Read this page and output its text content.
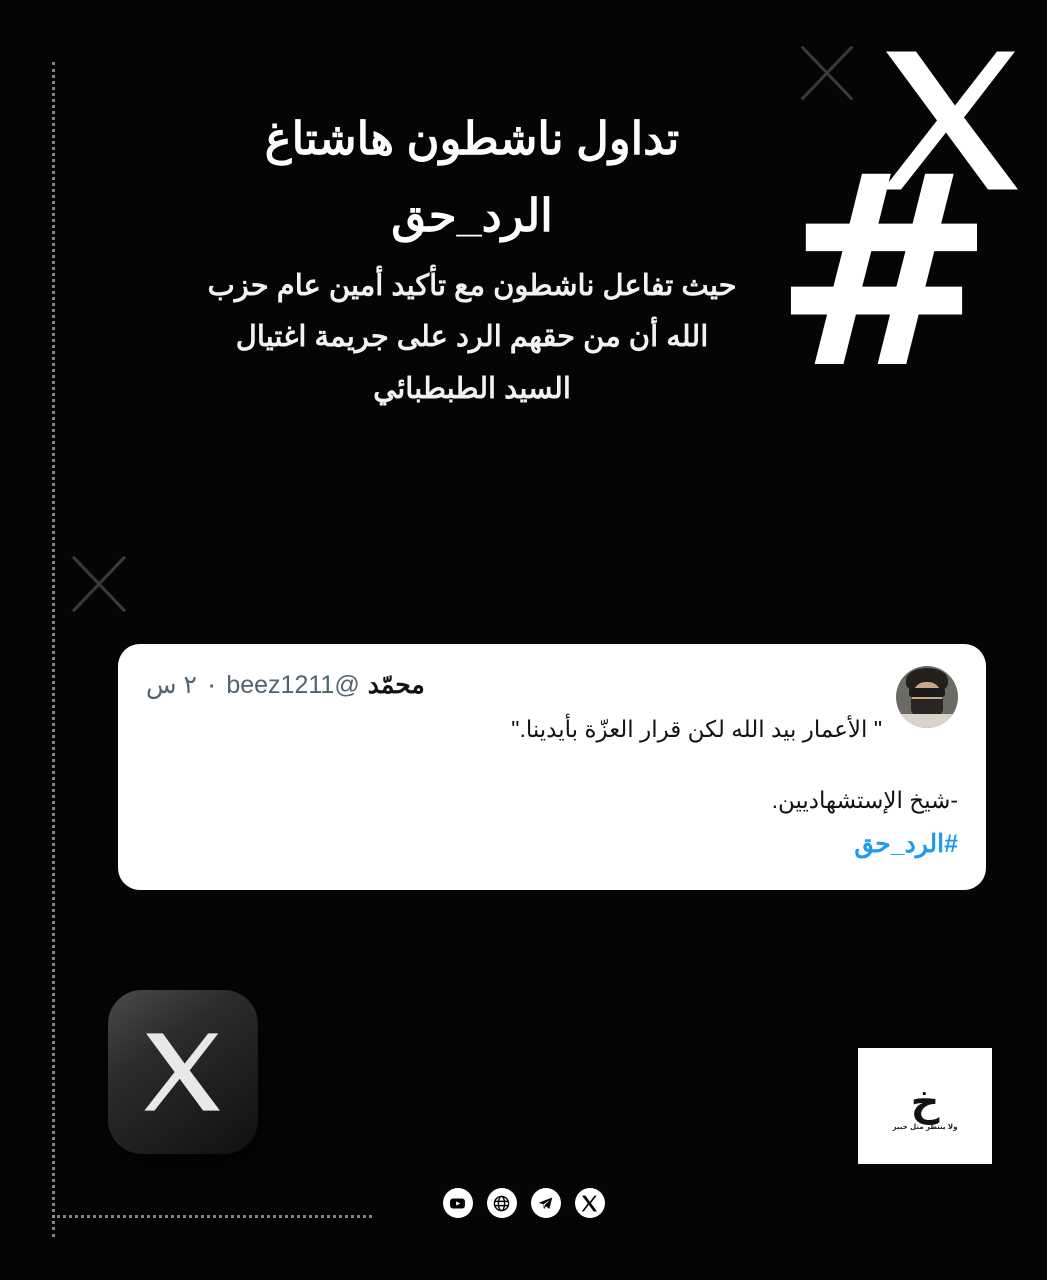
#
تداول ناشطون هاشتاغ الرد_حق
حيث تفاعل ناشطون مع تأكيد أمين عام حزب الله أن من حقهم الرد على جريمة اغتيال السيد الطبطبائي
محمّد
@beez1211
٠
٢ س
" الأعمار بيد الله لكن قرار العزّة بأيدينا."
-شيخ الإستشهاديين.
#الرد_حق
خ
ولا ينتظر مثل خبير
